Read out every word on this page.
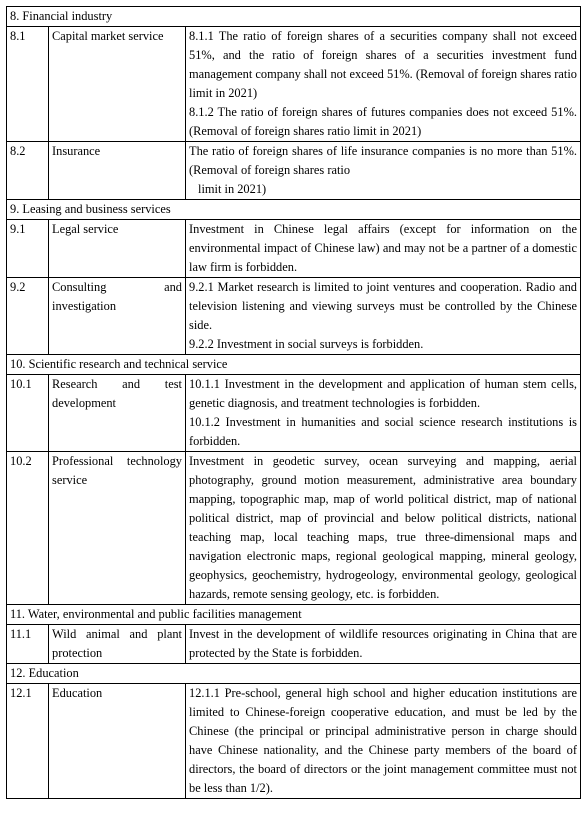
8. Financial industry		
8.1	Capital market service	8.1.1 The ratio of foreign shares of a securities company shall not exceed 51%, and the ratio of foreign shares of a securities investment fund management company shall not exceed 51%. (Removal of foreign shares ratio limit in 2021)
8.1.2 The ratio of foreign shares of futures companies does not exceed 51%. (Removal of foreign shares ratio limit in 2021)

8.2	Insurance	The ratio of foreign shares of life insurance companies is no more than 51%. (Removal of foreign shares ratio
limit in 2021)

9. Leasing and business services		
9.1	Legal service	Investment in Chinese legal affairs (except for information on the environmental impact of Chinese law) and may not be a partner of a domestic law firm is forbidden.

9.2	Consulting and investigation	9.2.1 Market research is limited to joint ventures and cooperation. Radio and television listening and viewing surveys must be controlled by the Chinese side.
9.2.2 Investment in social surveys is forbidden.

10. Scientific research and technical service		
10.1	Research and test development	10.1.1 Investment in the development and application of human stem cells, genetic diagnosis, and treatment technologies is forbidden.
10.1.2 Investment in humanities and social science research institutions is forbidden.

10.2	Professional technology service	Investment in geodetic survey, ocean surveying and mapping, aerial photography, ground motion measurement, administrative area boundary mapping, topographic map, map of world political district, map of national political district, map of provincial and below political districts, national teaching map, local teaching maps, true three-dimensional maps and navigation electronic maps, regional geological mapping, mineral geology, geophysics, geochemistry, hydrogeology, environmental geology, geological hazards, remote sensing geology, etc. is forbidden.

11. Water, environmental and public facilities management		
11.1	Wild animal and plant protection	Invest in the development of wildlife resources originating in China that are protected by the State is forbidden.

12. Education		
12.1	Education	12.1.1 Pre-school, general high school and higher education institutions are limited to Chinese-foreign cooperative education, and must be led by the Chinese (the principal or principal administrative person in charge should have Chinese nationality, and the Chinese party members of the board of directors, the board of directors or the joint management committee must not be less than 1/2).
